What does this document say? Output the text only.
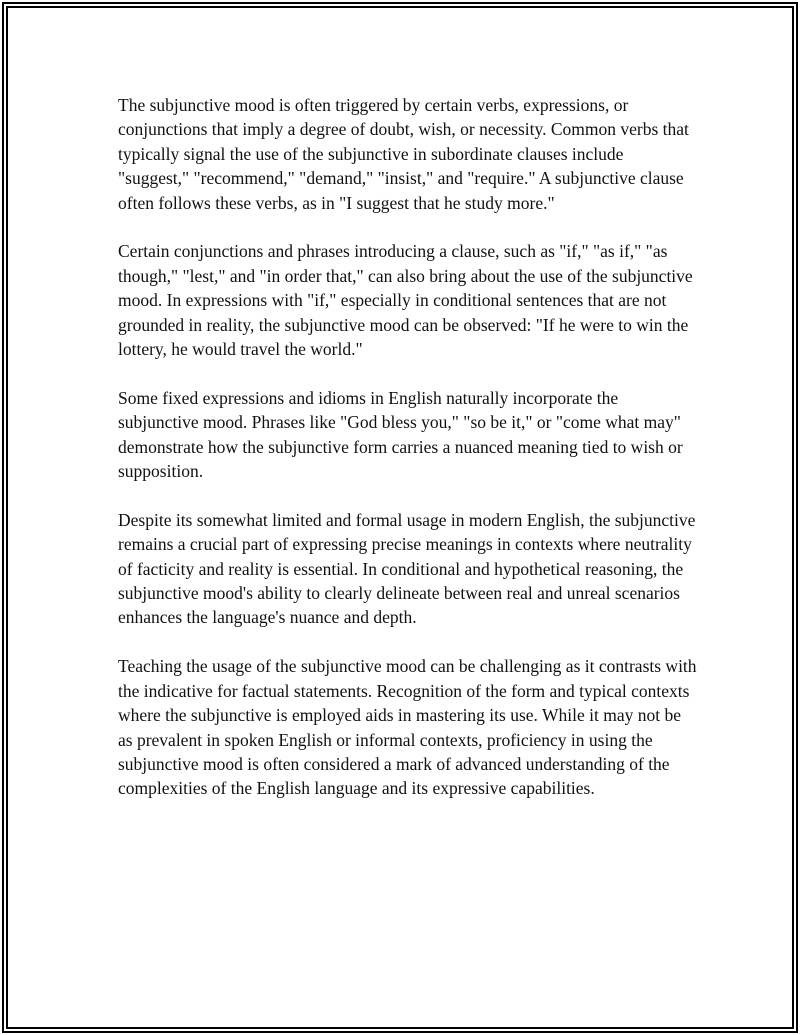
The subjunctive mood is often triggered by certain verbs, expressions, or conjunctions that imply a degree of doubt, wish, or necessity. Common verbs that typically signal the use of the subjunctive in subordinate clauses include "suggest," "recommend," "demand," "insist," and "require." A subjunctive clause often follows these verbs, as in "I suggest that he study more."

Certain conjunctions and phrases introducing a clause, such as "if," "as if," "as though," "lest," and "in order that," can also bring about the use of the subjunctive mood. In expressions with "if," especially in conditional sentences that are not grounded in reality, the subjunctive mood can be observed: "If he were to win the lottery, he would travel the world."

Some fixed expressions and idioms in English naturally incorporate the subjunctive mood. Phrases like "God bless you," "so be it," or "come what may" demonstrate how the subjunctive form carries a nuanced meaning tied to wish or supposition.

Despite its somewhat limited and formal usage in modern English, the subjunctive remains a crucial part of expressing precise meanings in contexts where neutrality of facticity and reality is essential. In conditional and hypothetical reasoning, the subjunctive mood's ability to clearly delineate between real and unreal scenarios enhances the language's nuance and depth.

Teaching the usage of the subjunctive mood can be challenging as it contrasts with the indicative for factual statements. Recognition of the form and typical contexts where the subjunctive is employed aids in mastering its use. While it may not be as prevalent in spoken English or informal contexts, proficiency in using the subjunctive mood is often considered a mark of advanced understanding of the complexities of the English language and its expressive capabilities.
